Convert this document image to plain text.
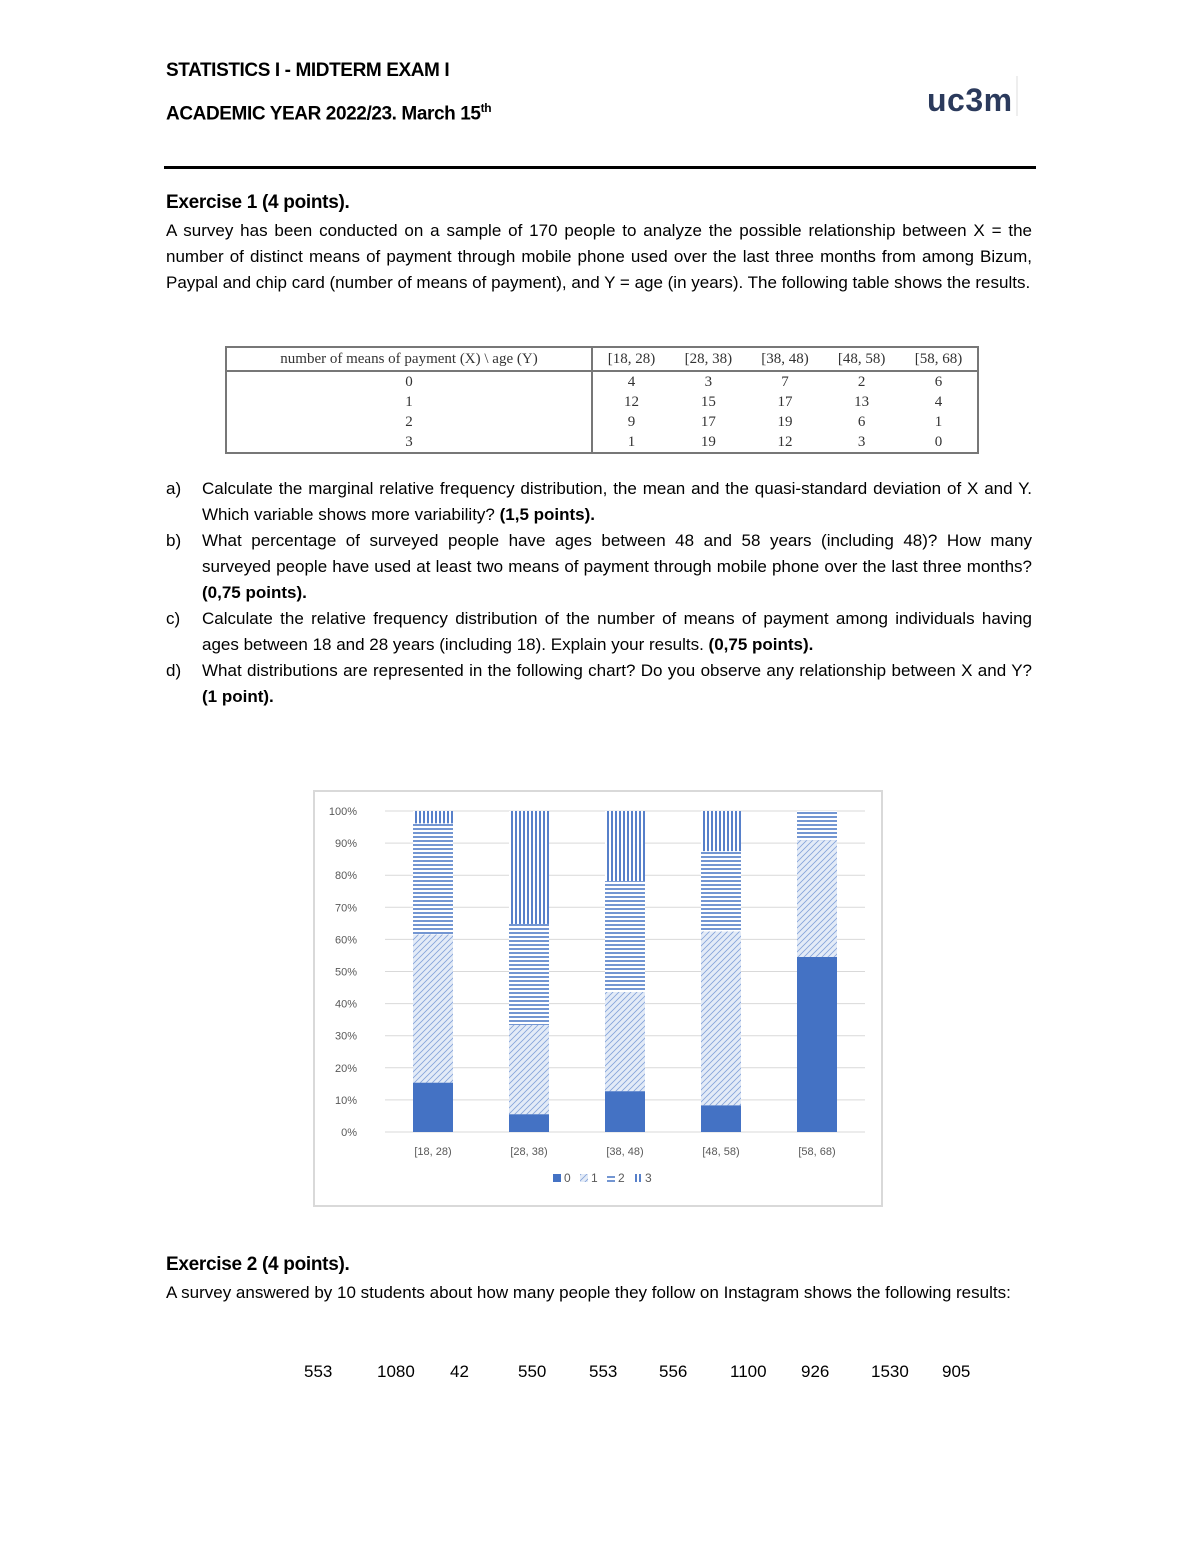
STATISTICS I - MIDTERM EXAM I
ACADEMIC YEAR 2022/23. March 15th	uc3m
Exercise 1 (4 points).
A survey has been conducted on a sample of 170 people to analyze the possible relationship between X = the number of distinct means of payment through mobile phone used over the last three months from among Bizum, Paypal and chip card (number of means of payment), and Y = age (in years). The following table shows the results.
number of means of payment (X) \ age (Y)	[18, 28)	[28, 38)	[38, 48)	[48, 58)	[58, 68)
0	4	3	7	2	6
1	12	15	17	13	4
2	9	17	19	6	1
3	1	19	12	3	0
a)	Calculate the marginal relative frequency distribution, the mean and the quasi-standard deviation of X and Y. Which variable shows more variability? (1,5 points).
b)	What percentage of surveyed people have ages between 48 and 58 years (including 48)? How many surveyed people have used at least two means of payment through mobile phone over the last three months? (0,75 points).
c)	Calculate the relative frequency distribution of the number of means of payment among individuals having ages between 18 and 28 years (including 18). Explain your results. (0,75 points).
d)	What distributions are represented in the following chart? Do you observe any relationship between X and Y? (1 point).
0%
10%
20%
30%
40%
50%
60%
70%
80%
90%
100%
[18, 28)	[28, 38)	[38, 48)	[48, 58)	[58, 68)
0 1 2 3
Exercise 2 (4 points).
A survey answered by 10 students about how many people they follow on Instagram shows the following results:
553	1080 42	550	553 556	1100 926 1530 905
